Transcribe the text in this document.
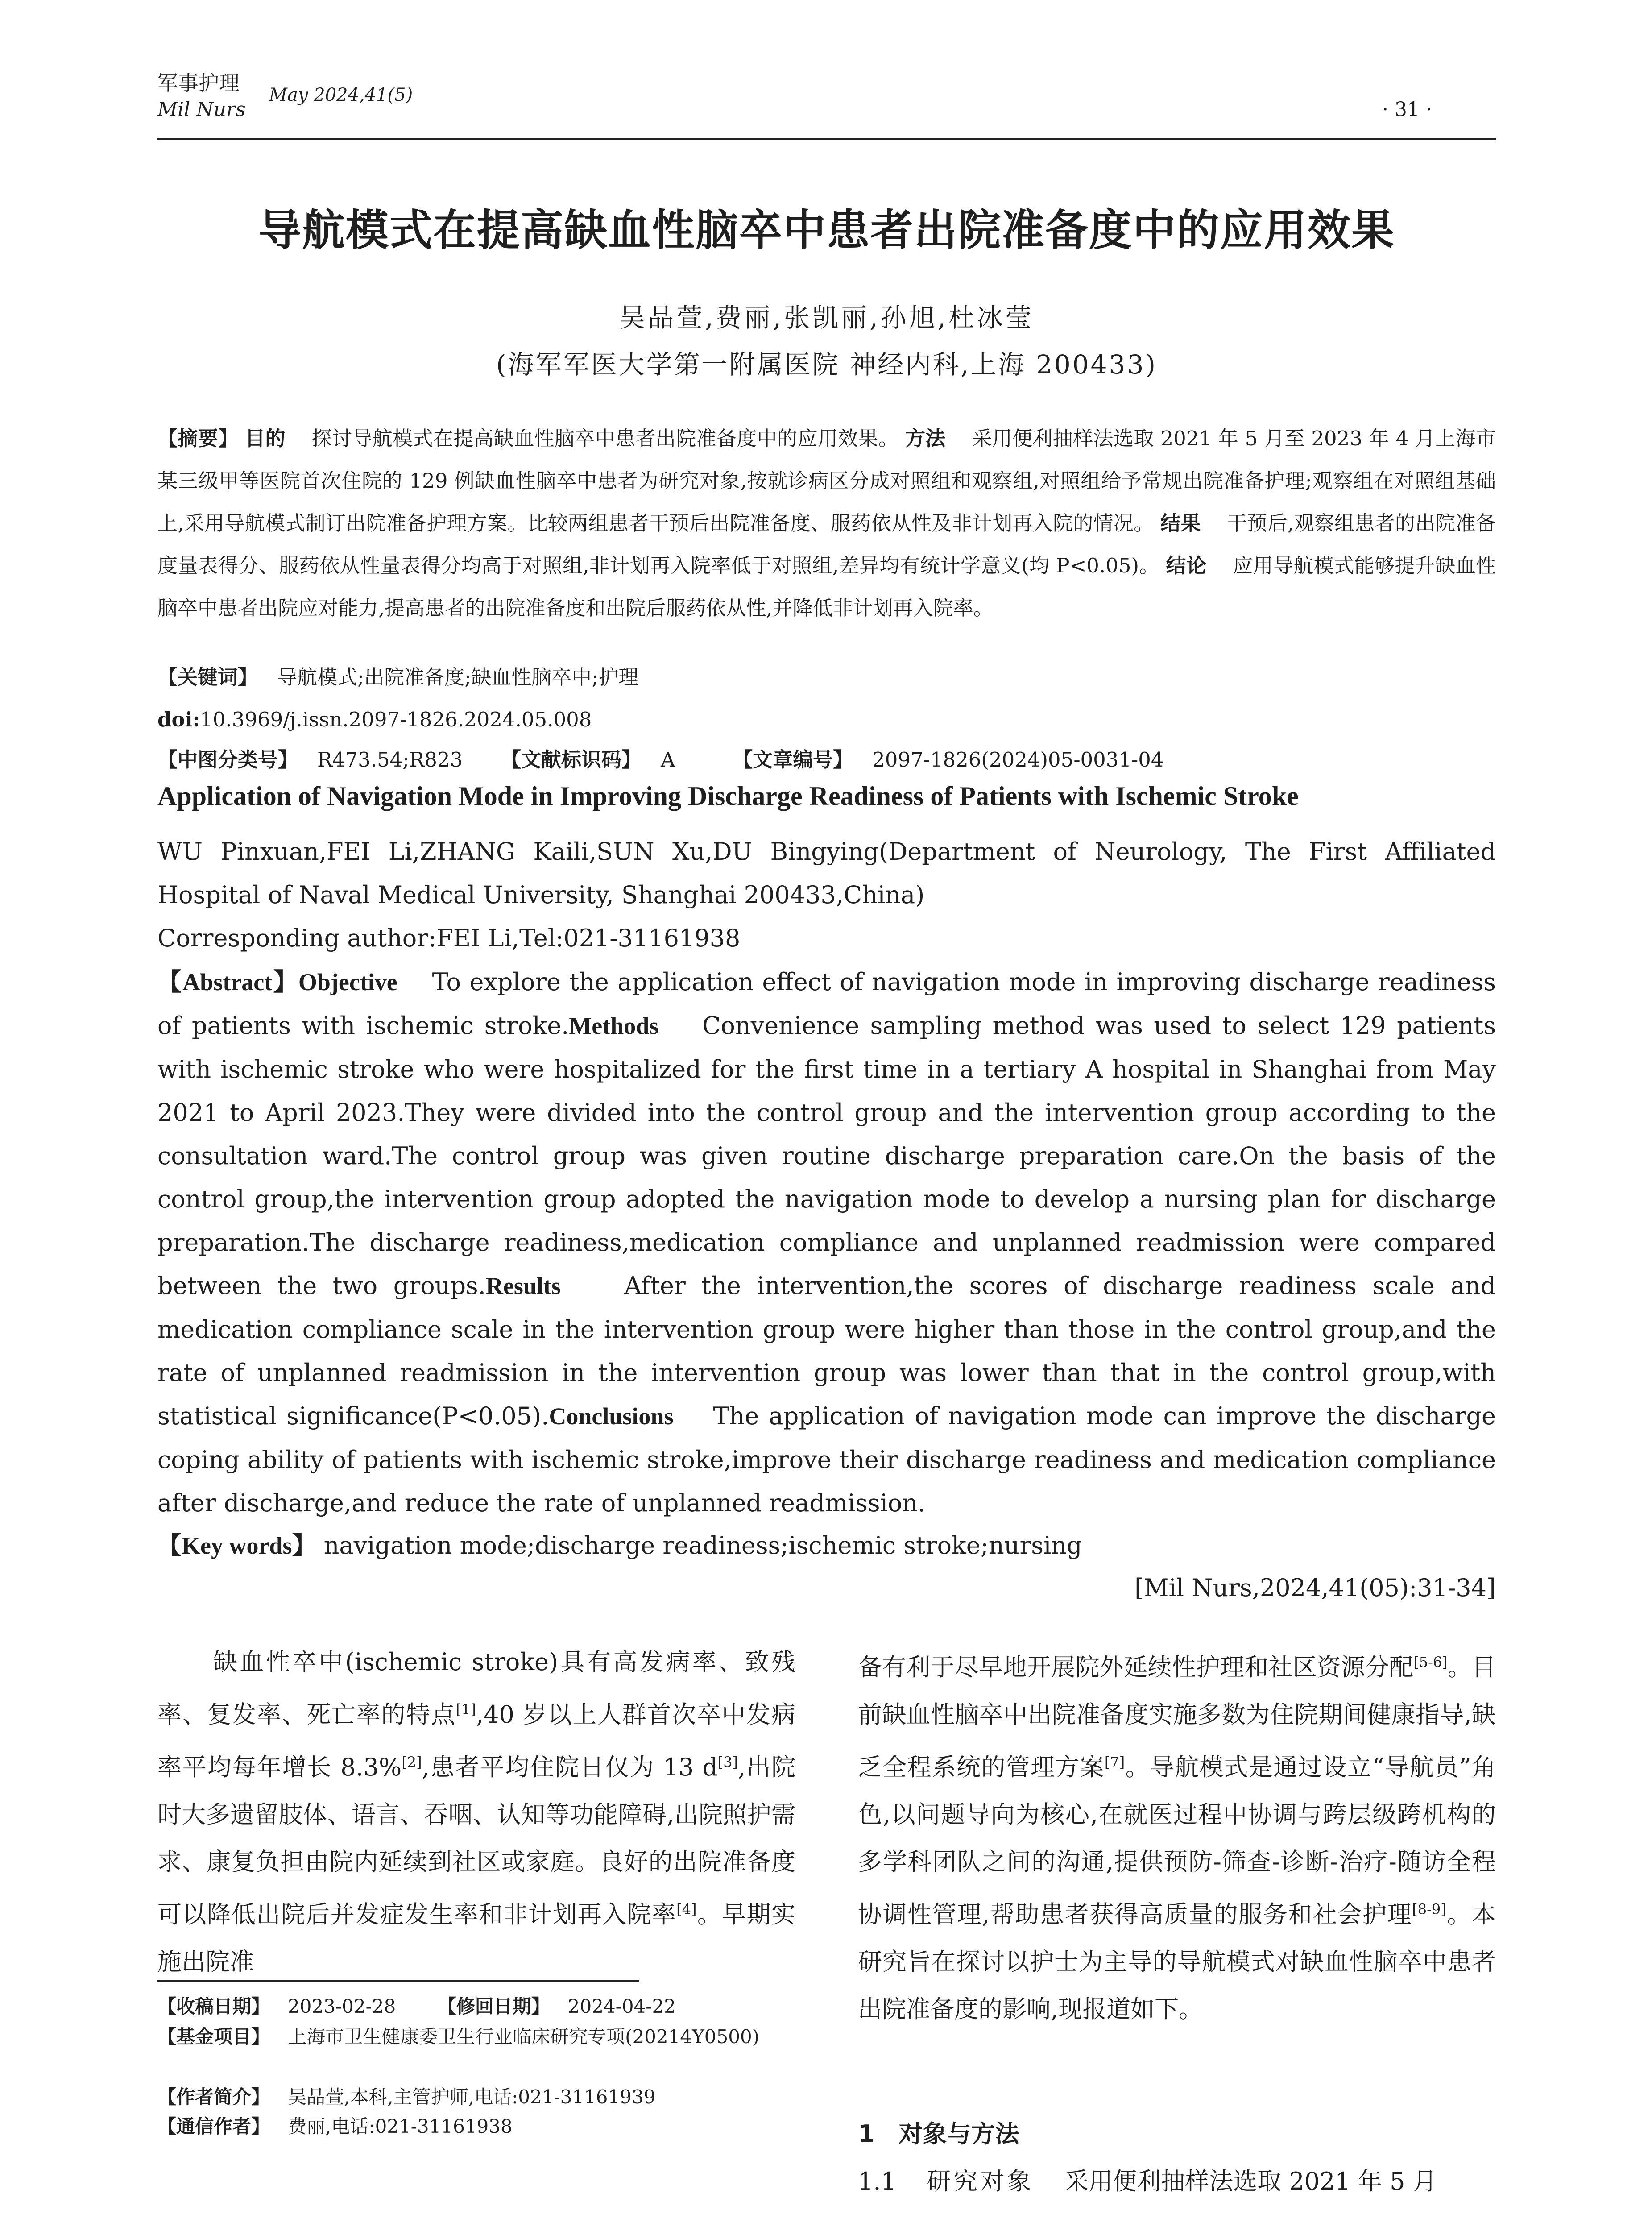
军事护理
Mil Nurs
May 2024,41(5)
· 31 ·
导航模式在提高缺血性脑卒中患者出院准备度中的应用效果
吴品萱,费丽,张凯丽,孙旭,杜冰莹
(海军军医大学第一附属医院 神经内科,上海 200433)
【摘要】 目的 探讨导航模式在提高缺血性脑卒中患者出院准备度中的应用效果。 方法 采用便利抽样法选取 2021 年 5 月至 2023 年 4 月上海市某三级甲等医院首次住院的 129 例缺血性脑卒中患者为研究对象,按就诊病区分成对照组和观察组,对照组给予常规出院准备护理;观察组在对照组基础上,采用导航模式制订出院准备护理方案。比较两组患者干预后出院准备度、服药依从性及非计划再入院的情况。 结果 干预后,观察组患者的出院准备度量表得分、服药依从性量表得分均高于对照组,非计划再入院率低于对照组,差异均有统计学意义(均 P<0.05)。 结论 应用导航模式能够提升缺血性脑卒中患者出院应对能力,提高患者的出院准备度和出院后服药依从性,并降低非计划再入院率。
【关键词】 导航模式;出院准备度;缺血性脑卒中;护理
doi:10.3969/j.issn.2097-1826.2024.05.008
【中图分类号】 R473.54;R823 【文献标识码】 A	【文章编号】 2097-1826(2024)05-0031-04
Application of Navigation Mode in Improving Discharge Readiness of Patients with Ischemic Stroke
WU Pinxuan,FEI Li,ZHANG Kaili,SUN Xu,DU Bingying(Department of Neurology, The First Affiliated Hospital of Naval Medical University, Shanghai 200433,China)
Corresponding author:FEI Li,Tel:021-31161938
【Abstract】Objective To explore the application effect of navigation mode in improving discharge readiness of patients with ischemic stroke.Methods Convenience sampling method was used to select 129 patients with ischemic stroke who were hospitalized for the first time in a tertiary A hospital in Shanghai from May 2021 to April 2023.They were divided into the control group and the intervention group according to the consultation ward.The control group was given routine discharge preparation care.On the basis of the control group,the intervention group adopted the navigation mode to develop a nursing plan for discharge preparation.The discharge readiness,medication compliance and unplanned readmission were compared between the two groups.Results	After the intervention,the scores of discharge readiness scale and medication compliance scale in the intervention group were higher than those in the control group,and the rate of unplanned readmission in the intervention group was lower than that in the control group,with statistical significance(P<0.05).Conclusions The application of navigation mode can improve the discharge coping ability of patients with ischemic stroke,improve their discharge readiness and medication compliance after discharge,and reduce the rate of unplanned readmission.
【Key words】 navigation mode;discharge readiness;ischemic stroke;nursing
[Mil Nurs,2024,41(05):31-34]
缺血性卒中(ischemic stroke)具有高发病率、致残率、复发率、死亡率的特点[1],40 岁以上人群首次卒中发病率平均每年增长 8.3%[2],患者平均住院日仅为 13 d[3],出院时大多遗留肢体、语言、吞咽、认知等功能障碍,出院照护需求、康复负担由院内延续到社区或家庭。良好的出院准备度可以降低出院后并发症发生率和非计划再入院率[4]。早期实施出院准
【收稿日期】 2023-02-28 【修回日期】 2024-04-22
【基金项目】 上海市卫生健康委卫生行业临床研究专项(20214Y0500)
【作者简介】 吴品萱,本科,主管护师,电话:021-31161939
【通信作者】 费丽,电话:021-31161938
备有利于尽早地开展院外延续性护理和社区资源分配[5-6]。目前缺血性脑卒中出院准备度实施多数为住院期间健康指导,缺乏全程系统的管理方案[7]。导航模式是通过设立“导航员”角色,以问题导向为核心,在就医过程中协调与跨层级跨机构的多学科团队之间的沟通,提供预防-筛查-诊断-治疗-随访全程协调性管理,帮助患者获得高质量的服务和社会护理[8-9]。本研究旨在探讨以护士为主导的导航模式对缺血性脑卒中患者出院准备度的影响,现报道如下。
1　对象与方法
1.1 研究对象 采用便利抽样法选取 2021 年 5 月
